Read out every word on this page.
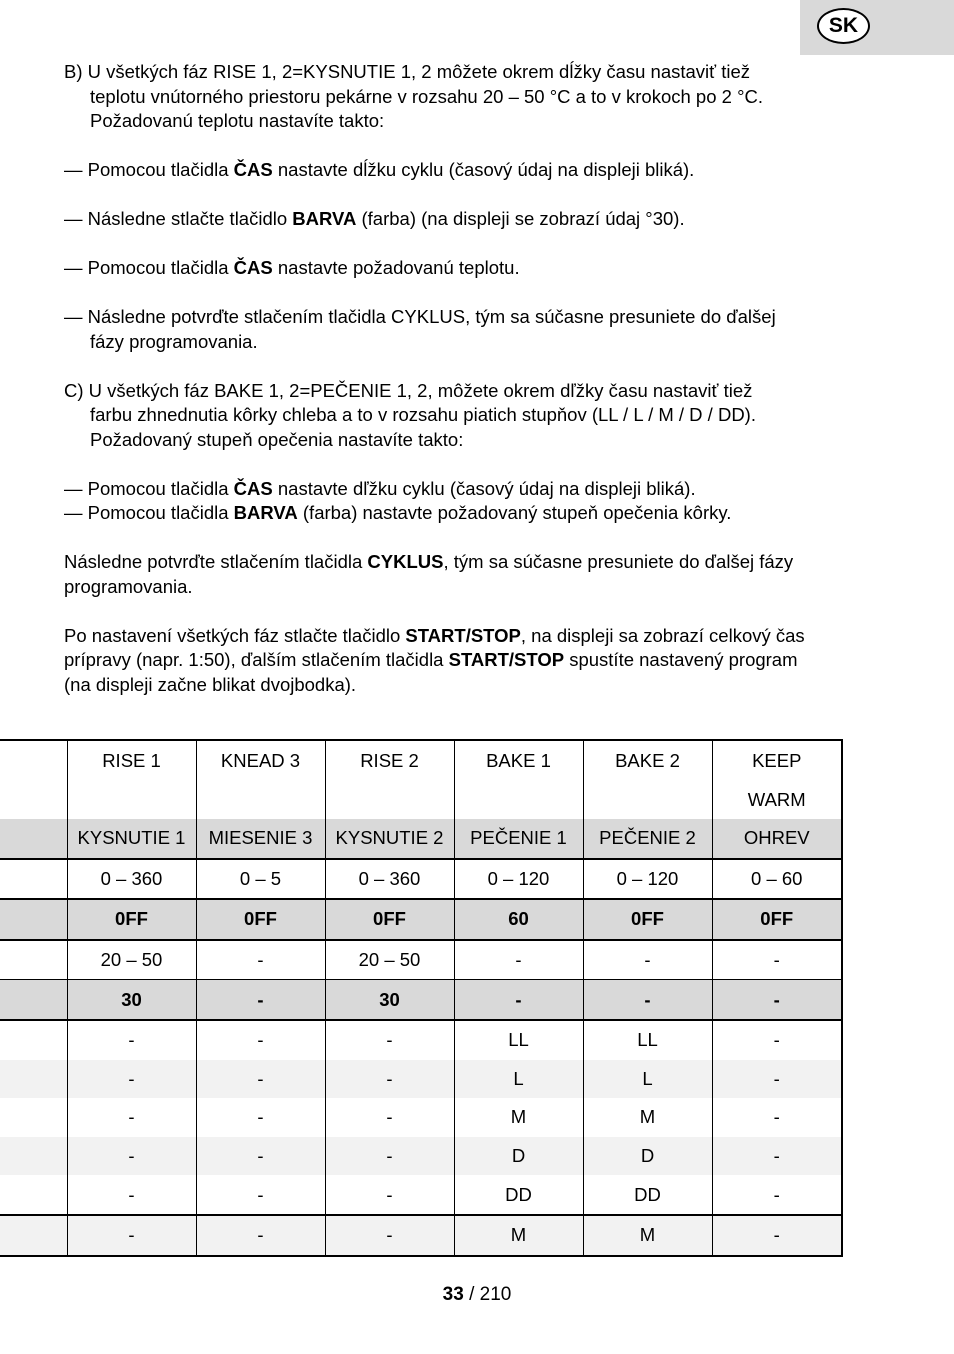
SK

B) U všetkých fáz RISE 1, 2=KYSNUTIE 1, 2 môžete okrem dĺžky času nastaviť tiež

teplotu vnútorného priestoru pekárne v rozsahu 20 – 50 °C a to v krokoch po 2 °C.

Požadovanú teplotu nastavíte takto:

— Pomocou tlačidla ČAS nastavte dĺžku cyklu (časový údaj na displeji bliká).

— Následne stlačte tlačidlo BARVA (farba) (na displeji se zobrazí údaj °30).

— Pomocou tlačidla ČAS nastavte požadovanú teplotu.

— Následne potvrďte stlačením tlačidla CYKLUS, tým sa súčasne presuniete do ďalšej

fázy programovania.

C) U všetkých fáz BAKE 1, 2=PEČENIE 1, 2, môžete okrem dľžky času nastaviť tiež

farbu zhnednutia kôrky chleba a to v rozsahu piatich stupňov (LL / L / M / D / DD).

Požadovaný stupeň opečenia nastavíte takto:

— Pomocou tlačidla ČAS nastavte dľžku cyklu (časový údaj na displeji bliká).

— Pomocou tlačidla BARVA (farba) nastavte požadovaný stupeň opečenia kôrky.

Následne potvrďte stlačením tlačidla CYKLUS, tým sa súčasne presuniete do ďalšej fázy

programovania.

Po nastavení všetkých fáz stlačte tlačidlo START/STOP, na displeji sa zobrazí celkový čas

prípravy (napr. 1:50), ďalším stlačením tlačidla START/STOP spustíte nastavený program

(na displeji začne blikat dvojbodka).

	RISE 1	KNEAD 3	RISE 2	BAKE 1	BAKE 2	KEEP
WARM

	KYSNUTIE 1	MIESENIE 3	KYSNUTIE 2	PEČENIE 1	PEČENIE 2	OHREV
	0 – 360	0 – 5	0 – 360	0 – 120	0 – 120	0 – 60
	0FF	0FF	0FF	60	0FF	0FF
	20 – 50	-	20 – 50	-	-	-
	30	-	30	-	-	-
	-	-	-	LL	LL	-
	-	-	-	L	L	-
	-	-	-	M	M	-
	-	-	-	D	D	-
	-	-	-	DD	DD	-
	-	-	-	M	M	-
33 / 210
